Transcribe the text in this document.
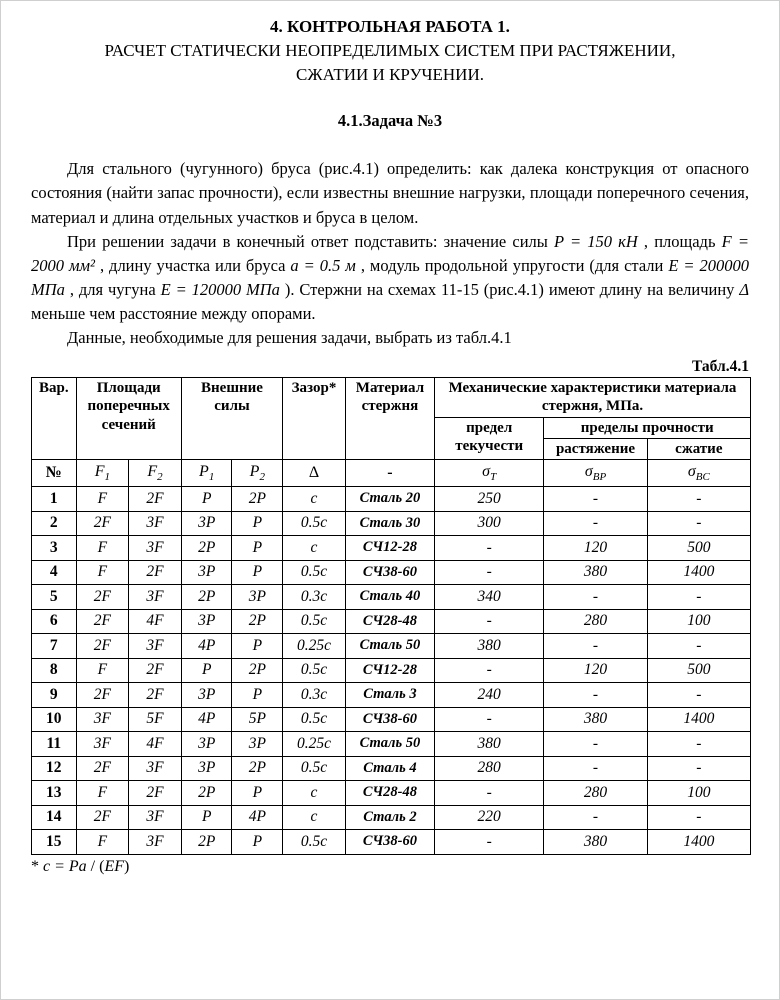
4. КОНТРОЛЬНАЯ РАБОТА 1.
РАСЧЕТ СТАТИЧЕСКИ НЕОПРЕДЕЛИМЫХ СИСТЕМ ПРИ РАСТЯЖЕНИИ,
СЖАТИИ И КРУЧЕНИИ.
4.1.Задача №3

Для стального (чугунного) бруса (рис.4.1) определить: как далека конструкция от опасного состояния (найти запас прочности), если известны внешние нагрузки, площади поперечного сечения, материал и длина отдельных участков и бруса в целом.

При решении задачи в конечный ответ подставить: значение силы P = 150 кН , площадь F = 2000 мм² , длину участка или бруса a = 0.5 м , модуль продольной упругости (для стали E = 200000 МПа , для чугуна E = 120000 МПа ). Стержни на схемах 11-15 (рис.4.1) имеют длину на величину Δ меньше чем расстояние между опорами.

Данные, необходимые для решения задачи, выбрать из табл.4.1

Табл.4.1
Вар.	Площади поперечных сечений		Внешние силы		Зазор*	Материал стержня	Механические характеристики материала стержня, МПа.		
							предел текучести	пределы прочности	
								растяжение	сжатие
№	$F_1$	$F_2$	$P_1$	$P_2$	Δ	-	$\sigma_T$	$\sigma_{BP}$	$\sigma_{BC}$
1	F	2F	P	2P	c	Сталь 20	250	-	-
2	2F	3F	3P	P	0.5c	Сталь 30	300	-	-
3	F	3F	2P	P	c	СЧ12-28	-	120	500
4	F	2F	3P	P	0.5c	СЧ38-60	-	380	1400
5	2F	3F	2P	3P	0.3c	Сталь 40	340	-	-
6	2F	4F	3P	2P	0.5c	СЧ28-48	-	280	100
7	2F	3F	4P	P	0.25c	Сталь 50	380	-	-
8	F	2F	P	2P	0.5c	СЧ12-28	-	120	500
9	2F	2F	3P	P	0.3c	Сталь 3	240	-	-
10	3F	5F	4P	5P	0.5c	СЧ38-60	-	380	1400
11	3F	4F	3P	3P	0.25c	Сталь 50	380	-	-
12	2F	3F	3P	2P	0.5c	Сталь 4	280	-	-
13	F	2F	2P	P	c	СЧ28-48	-	280	100
14	2F	3F	P	4P	c	Сталь 2	220	-	-
15	F	3F	2P	P	0.5c	СЧ38-60	-	380	1400
* c = Pa / (EF)
